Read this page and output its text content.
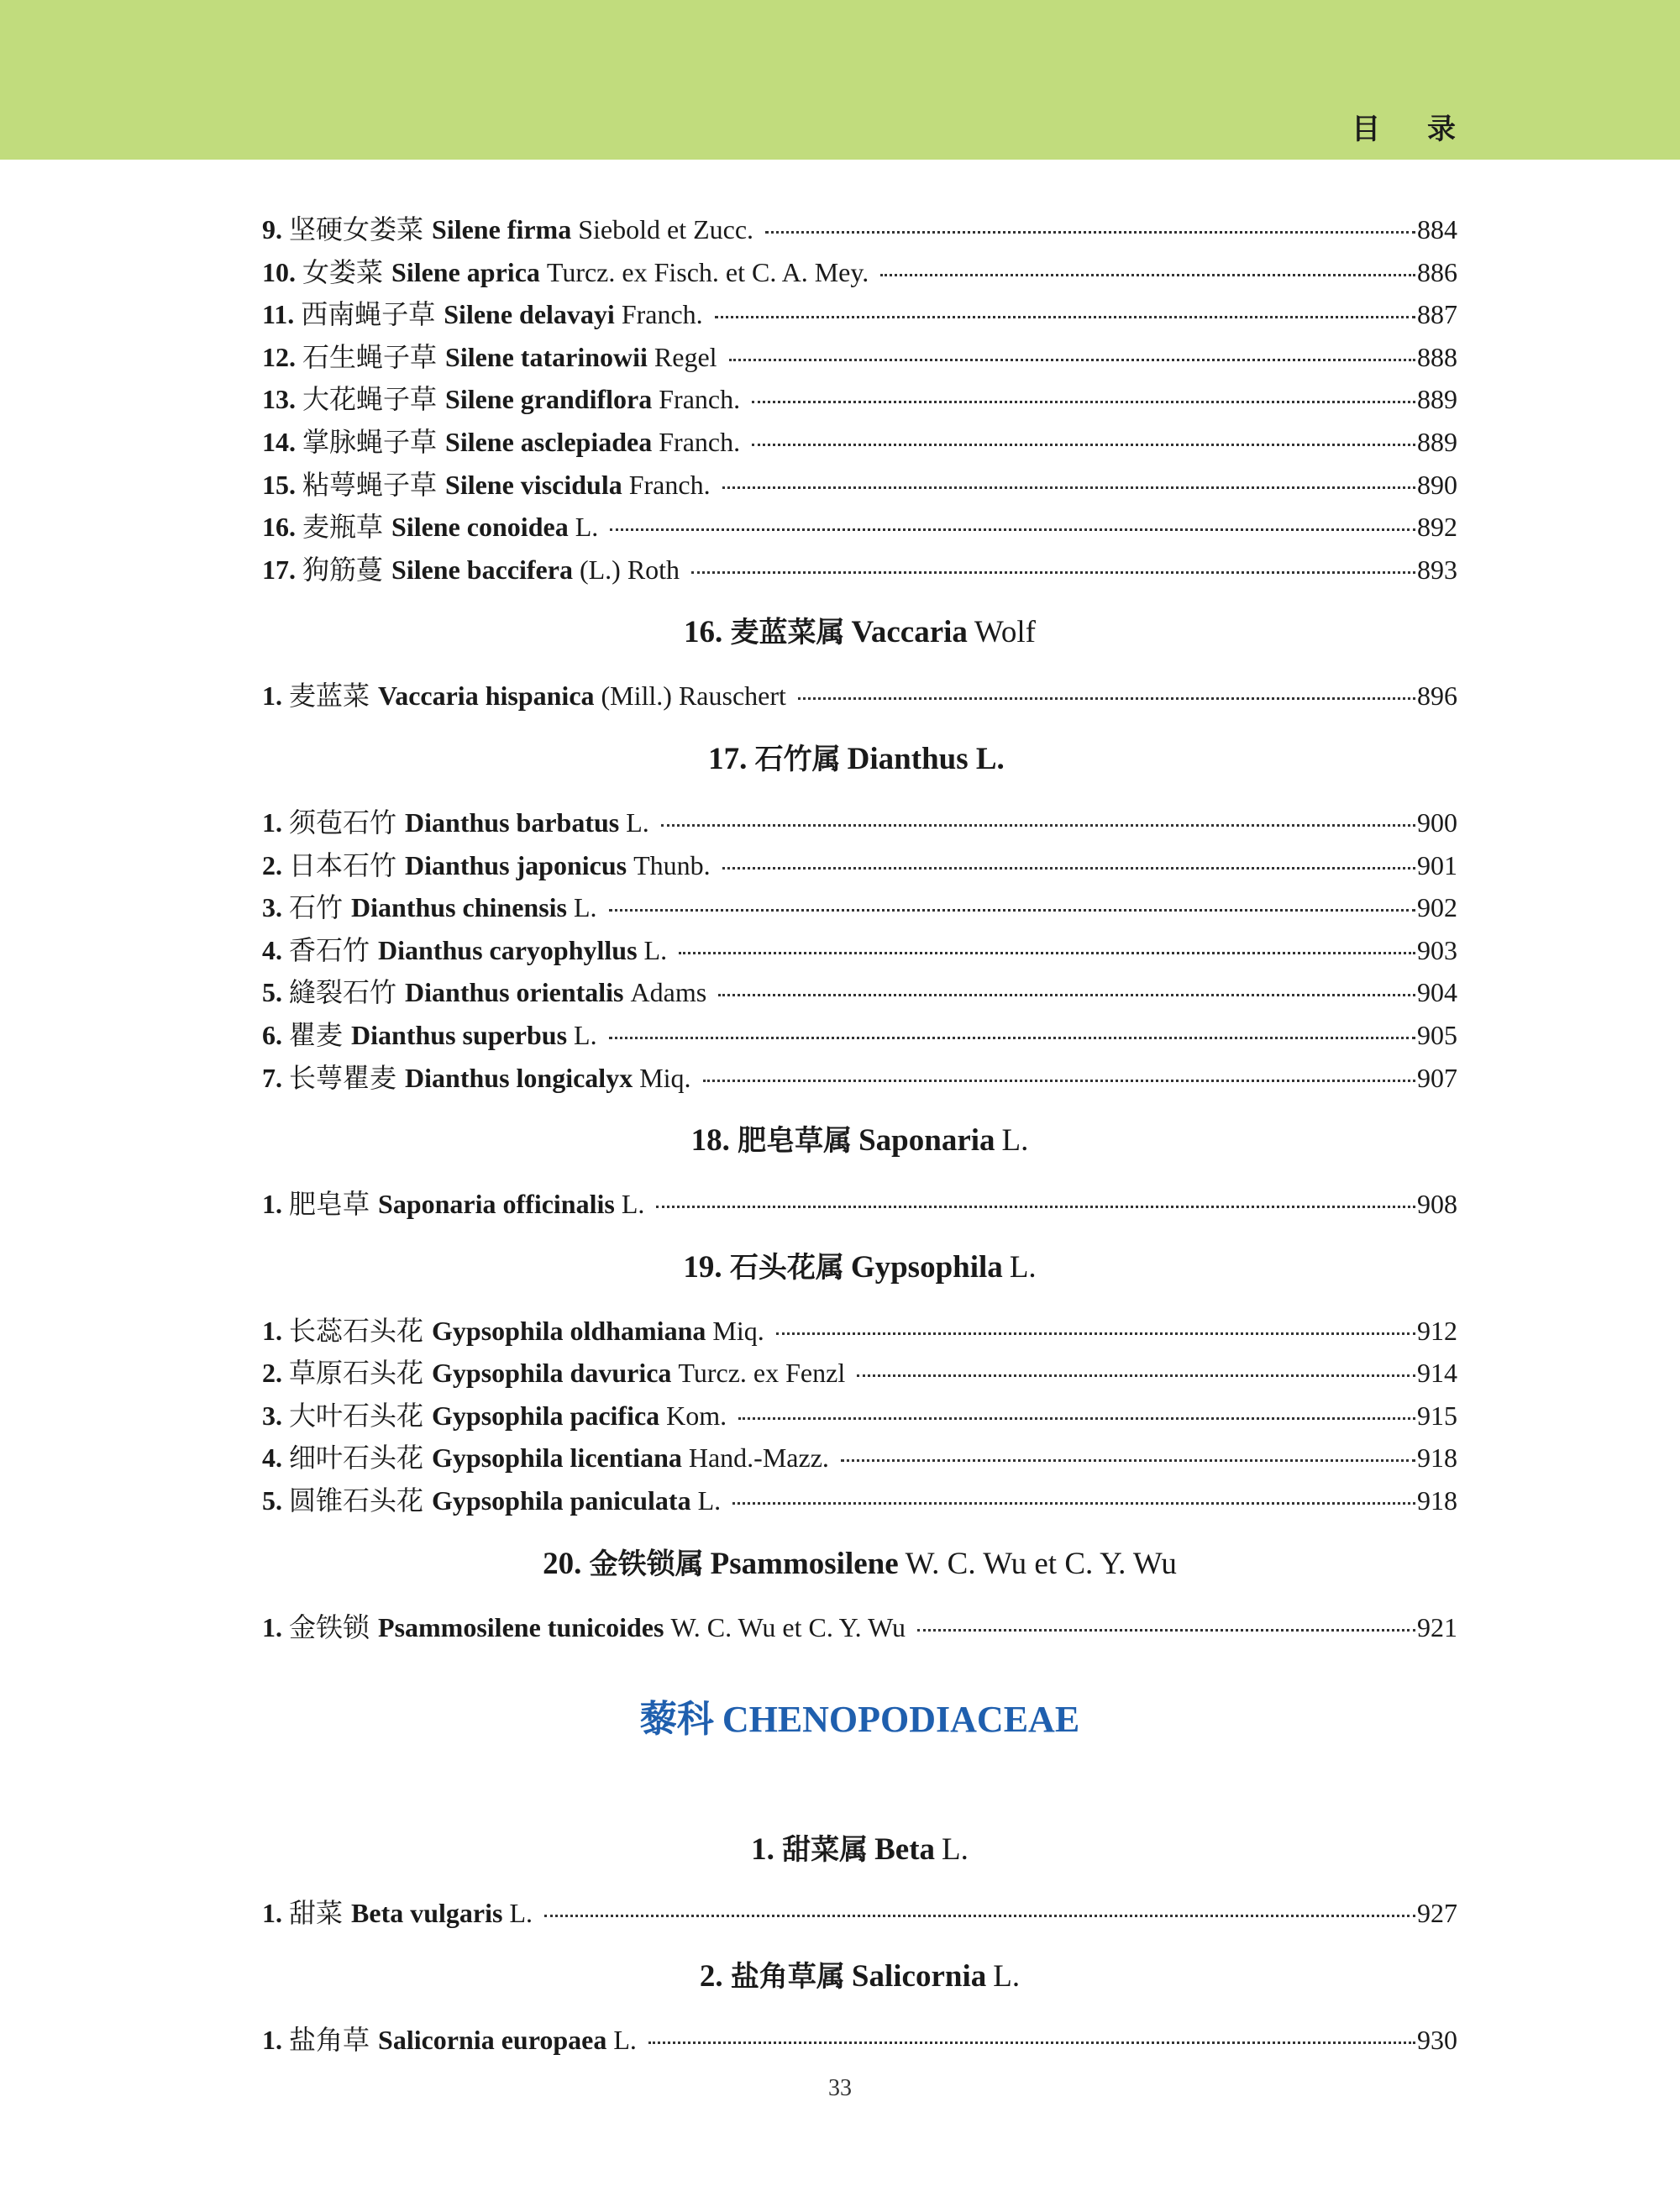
目 录
9. 坚硬女娄菜 Silene firma Siebold et Zucc.	884
10. 女娄菜 Silene aprica Turcz. ex Fisch. et C. A. Mey.	886
11. 西南蝇子草 Silene delavayi Franch.	887
12. 石生蝇子草 Silene tatarinowii Regel	888
13. 大花蝇子草 Silene grandiflora Franch.	889
14. 掌脉蝇子草 Silene asclepiadea Franch.	889
15. 粘萼蝇子草 Silene viscidula Franch.	890
16. 麦瓶草 Silene conoidea L.	892
17. 狗筋蔓 Silene baccifera (L.) Roth	893
16. 麦蓝菜属 Vaccaria Wolf
1. 麦蓝菜 Vaccaria hispanica (Mill.) Rauschert	896
17. 石竹属 Dianthus L.
1. 须苞石竹 Dianthus barbatus L.	900
2. 日本石竹 Dianthus japonicus Thunb.	901
3. 石竹 Dianthus chinensis L.	902
4. 香石竹 Dianthus caryophyllus L.	903
5. 縫裂石竹 Dianthus orientalis Adams	904
6. 瞿麦 Dianthus superbus L.	905
7. 长萼瞿麦 Dianthus longicalyx Miq.	907
18. 肥皂草属 Saponaria L.
1. 肥皂草 Saponaria officinalis L.	908
19. 石头花属 Gypsophila L.
1. 长蕊石头花 Gypsophila oldhamiana Miq.	912
2. 草原石头花 Gypsophila davurica Turcz. ex Fenzl	914
3. 大叶石头花 Gypsophila pacifica Kom.	915
4. 细叶石头花 Gypsophila licentiana Hand.-Mazz.	918
5. 圆锥石头花 Gypsophila paniculata L.	918
20. 金铁锁属 Psammosilene W. C. Wu et C. Y. Wu
1. 金铁锁 Psammosilene tunicoides W. C. Wu et C. Y. Wu	921
藜科 CHENOPODIACEAE
1. 甜菜属 Beta L.
1. 甜菜 Beta vulgaris L.	927
2. 盐角草属 Salicornia L.
1. 盐角草 Salicornia europaea L.	930
33
